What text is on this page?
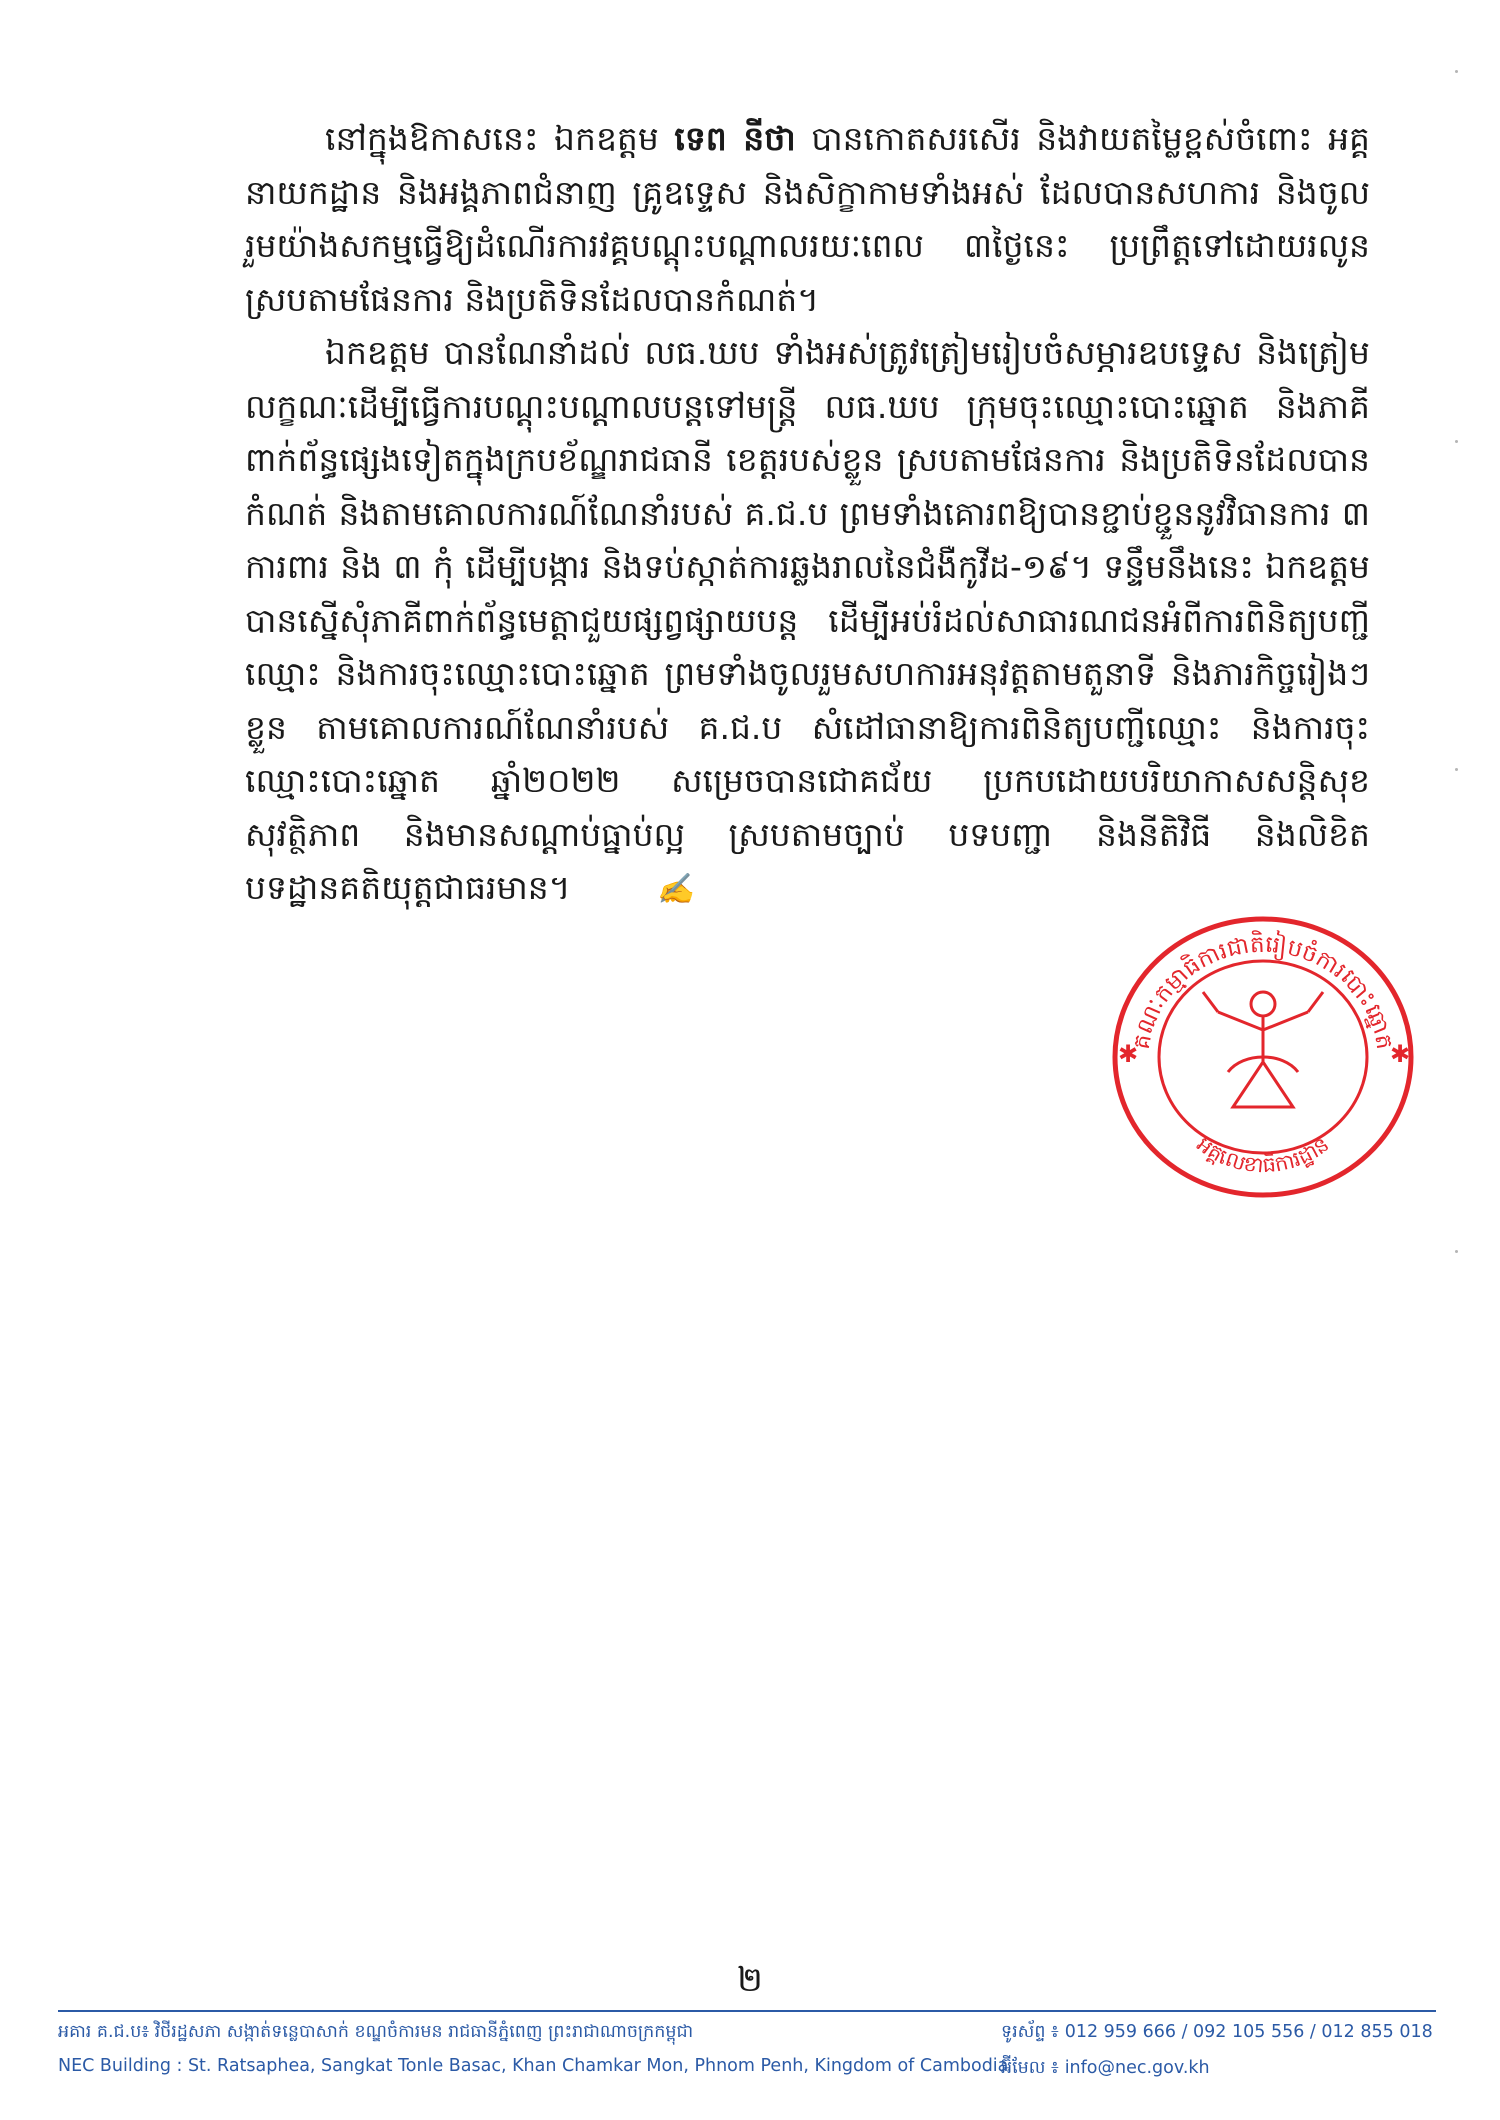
នៅក្នុងឱកាសនេះ ឯកឧត្តម ទេព នីថា បានកោតសរសើរ និងវាយតម្លៃខ្ពស់ចំពោះ អគ្គនាយកដ្ឋាន និងអង្គភាពជំនាញ គ្រូឧទ្ទេស និងសិក្ខាកាមទាំងអស់ ដែលបានសហការ និងចូលរួមយ៉ាងសកម្មធ្វើឱ្យដំណើរការវគ្គបណ្តុះបណ្តាលរយៈពេល ៣ថ្ងៃនេះ ប្រព្រឹត្តទៅដោយរលូន ស្របតាមផែនការ និងប្រតិទិនដែលបានកំណត់។

ឯកឧត្តម បានណែនាំដល់ លធ.ឃប ទាំងអស់ត្រូវត្រៀមរៀបចំសម្ភារឧបទ្ទេស និងត្រៀមលក្ខណៈដើម្បីធ្វើការបណ្តុះបណ្តាលបន្តទៅមន្ត្រី លធ.ឃប ក្រុមចុះឈ្មោះបោះឆ្នោត និងភាគីពាក់ព័ន្ធផ្សេងទៀតក្នុងក្របខ័ណ្ឌរាជធានី ខេត្តរបស់ខ្លួន ស្របតាមផែនការ និងប្រតិទិនដែលបានកំណត់ និងតាមគោលការណ៍ណែនាំរបស់ គ.ជ.ប ព្រមទាំងគោរពឱ្យបានខ្ជាប់ខ្ជួននូវវិធានការ ៣ ការពារ និង ៣ កុំ ដើម្បីបង្ការ និងទប់ស្កាត់ការឆ្លងរាលនៃជំងឺកូវីដ-១៩។ ទន្ទឹមនឹងនេះ ឯកឧត្តម បានស្នើសុំភាគីពាក់ព័ន្ធមេត្តាជួយផ្សព្វផ្សាយបន្ត ដើម្បីអប់រំដល់សាធារណជនអំពីការពិនិត្យបញ្ជីឈ្មោះ និងការចុះឈ្មោះបោះឆ្នោត ព្រមទាំងចូលរួមសហការអនុវត្តតាមតួនាទី និងភារកិច្ចរៀងៗខ្លួន តាមគោលការណ៍ណែនាំរបស់ គ.ជ.ប សំដៅធានាឱ្យការពិនិត្យបញ្ជីឈ្មោះ និងការចុះឈ្មោះបោះឆ្នោត ឆ្នាំ២០២២ សម្រេចបានជោគជ័យ ប្រកបដោយបរិយាកាសសន្តិសុខ សុវត្ថិភាព និងមានសណ្តាប់ធ្នាប់ល្អ ស្របតាមច្បាប់ បទបញ្ជា និងនីតិវិធី និងលិខិតបទដ្ឋានគតិយុត្តជាធរមាន។	✍

គណៈកម្មាធិការជាតិរៀបចំការបោះឆ្នោត
អគ្គលេខាធិការដ្ឋាន
✱	✱
២
អគារ គ.ជ.ប៖ វិថីរដ្ឋសភា សង្កាត់ទន្លេបាសាក់ ខណ្ឌចំការមន រាជធានីភ្នំពេញ ព្រះរាជាណាចក្រកម្ពុជា	ទូរស័ព្ទ ៖ 012 959 666 / 092 105 556 / 012 855 018
NEC Building : St. Ratsaphea, Sangkat Tonle Basac, Khan Chamkar Mon, Phnom Penh, Kingdom of Cambodia
អ៊ីមែល ៖ info@nec.gov.kh
